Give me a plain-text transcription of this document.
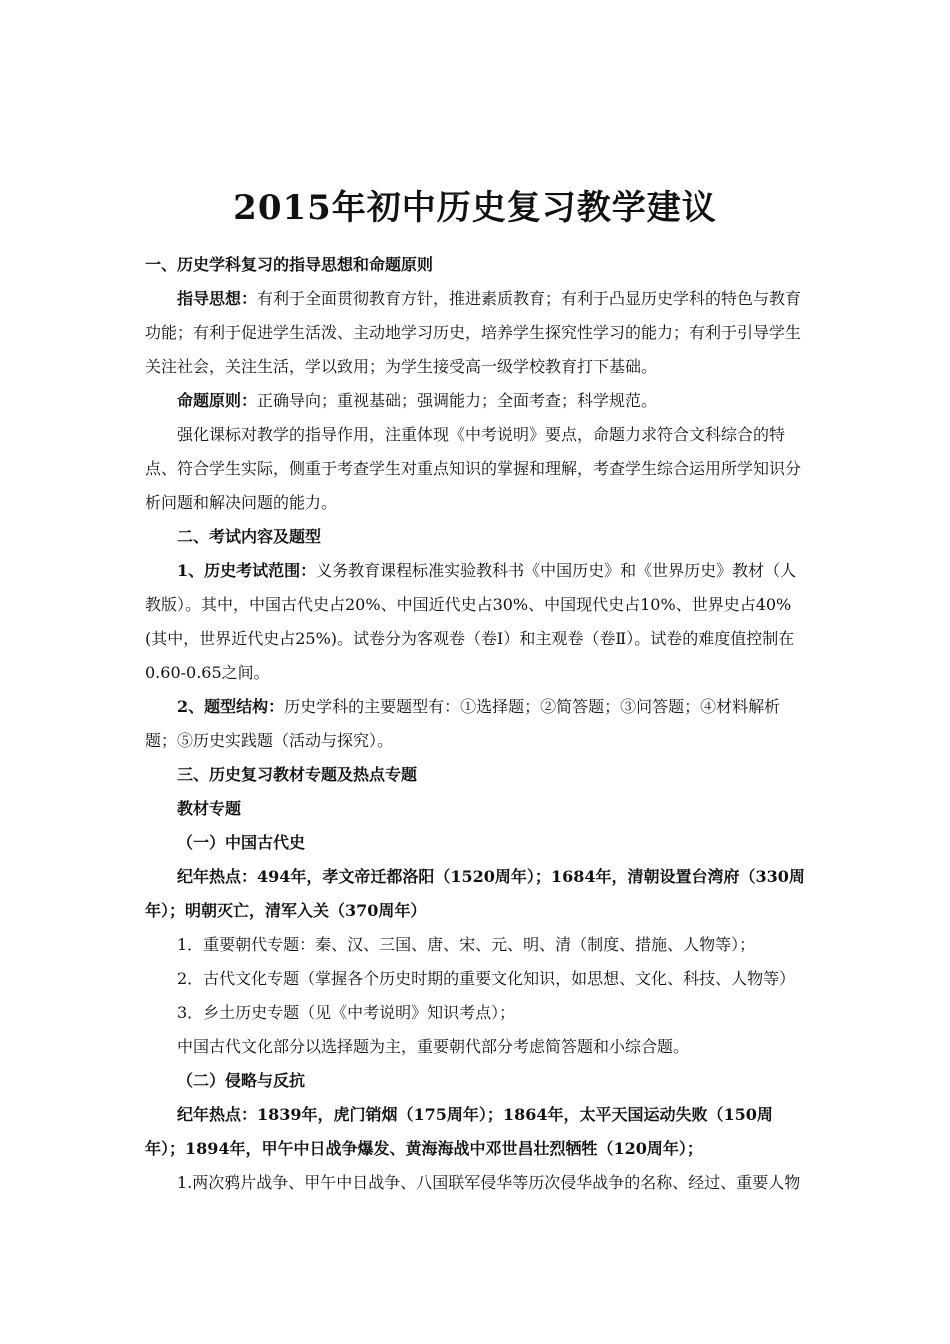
2015年初中历史复习教学建议

一、历史学科复习的指导思想和命题原则

指导思想：有利于全面贯彻教育方针，推进素质教育；有利于凸显历史学科的特色与教育功能；有利于促进学生活泼、主动地学习历史，培养学生探究性学习的能力；有利于引导学生关注社会，关注生活，学以致用；为学生接受高一级学校教育打下基础。

命题原则：正确导向；重视基础；强调能力；全面考查；科学规范。

强化课标对教学的指导作用，注重体现《中考说明》要点，命题力求符合文科综合的特点、符合学生实际，侧重于考查学生对重点知识的掌握和理解，考查学生综合运用所学知识分析问题和解决问题的能力。

二、考试内容及题型

1、历史考试范围：义务教育课程标准实验教科书《中国历史》和《世界历史》教材（人教版）。其中，中国古代史占20%、中国近代史占30%、中国现代史占10%、世界史占40%(其中，世界近代史占25%)。试卷分为客观卷（卷Ⅰ）和主观卷（卷Ⅱ）。试卷的难度值控制在0.60-0.65之间。

2、题型结构：历史学科的主要题型有：①选择题；②简答题；③问答题；④材料解析题；⑤历史实践题（活动与探究）。

三、历史复习教材专题及热点专题

教材专题

（一）中国古代史

纪年热点：494年，孝文帝迁都洛阳（1520周年）；1684年，清朝设置台湾府（330周年）；明朝灭亡，清军入关（370周年）

1．重要朝代专题：秦、汉、三国、唐、宋、元、明、清（制度、措施、人物等）；

2．古代文化专题（掌握各个历史时期的重要文化知识，如思想、文化、科技、人物等）

3．乡土历史专题（见《中考说明》知识考点）；

中国古代文化部分以选择题为主，重要朝代部分考虑简答题和小综合题。

（二）侵略与反抗

纪年热点：1839年，虎门销烟（175周年）；1864年，太平天国运动失败（150周年）；1894年，甲午中日战争爆发、黄海海战中邓世昌壮烈牺牲（120周年）；

1.两次鸦片战争、甲午中日战争、八国联军侵华等历次侵华战争的名称、经过、重要人物
